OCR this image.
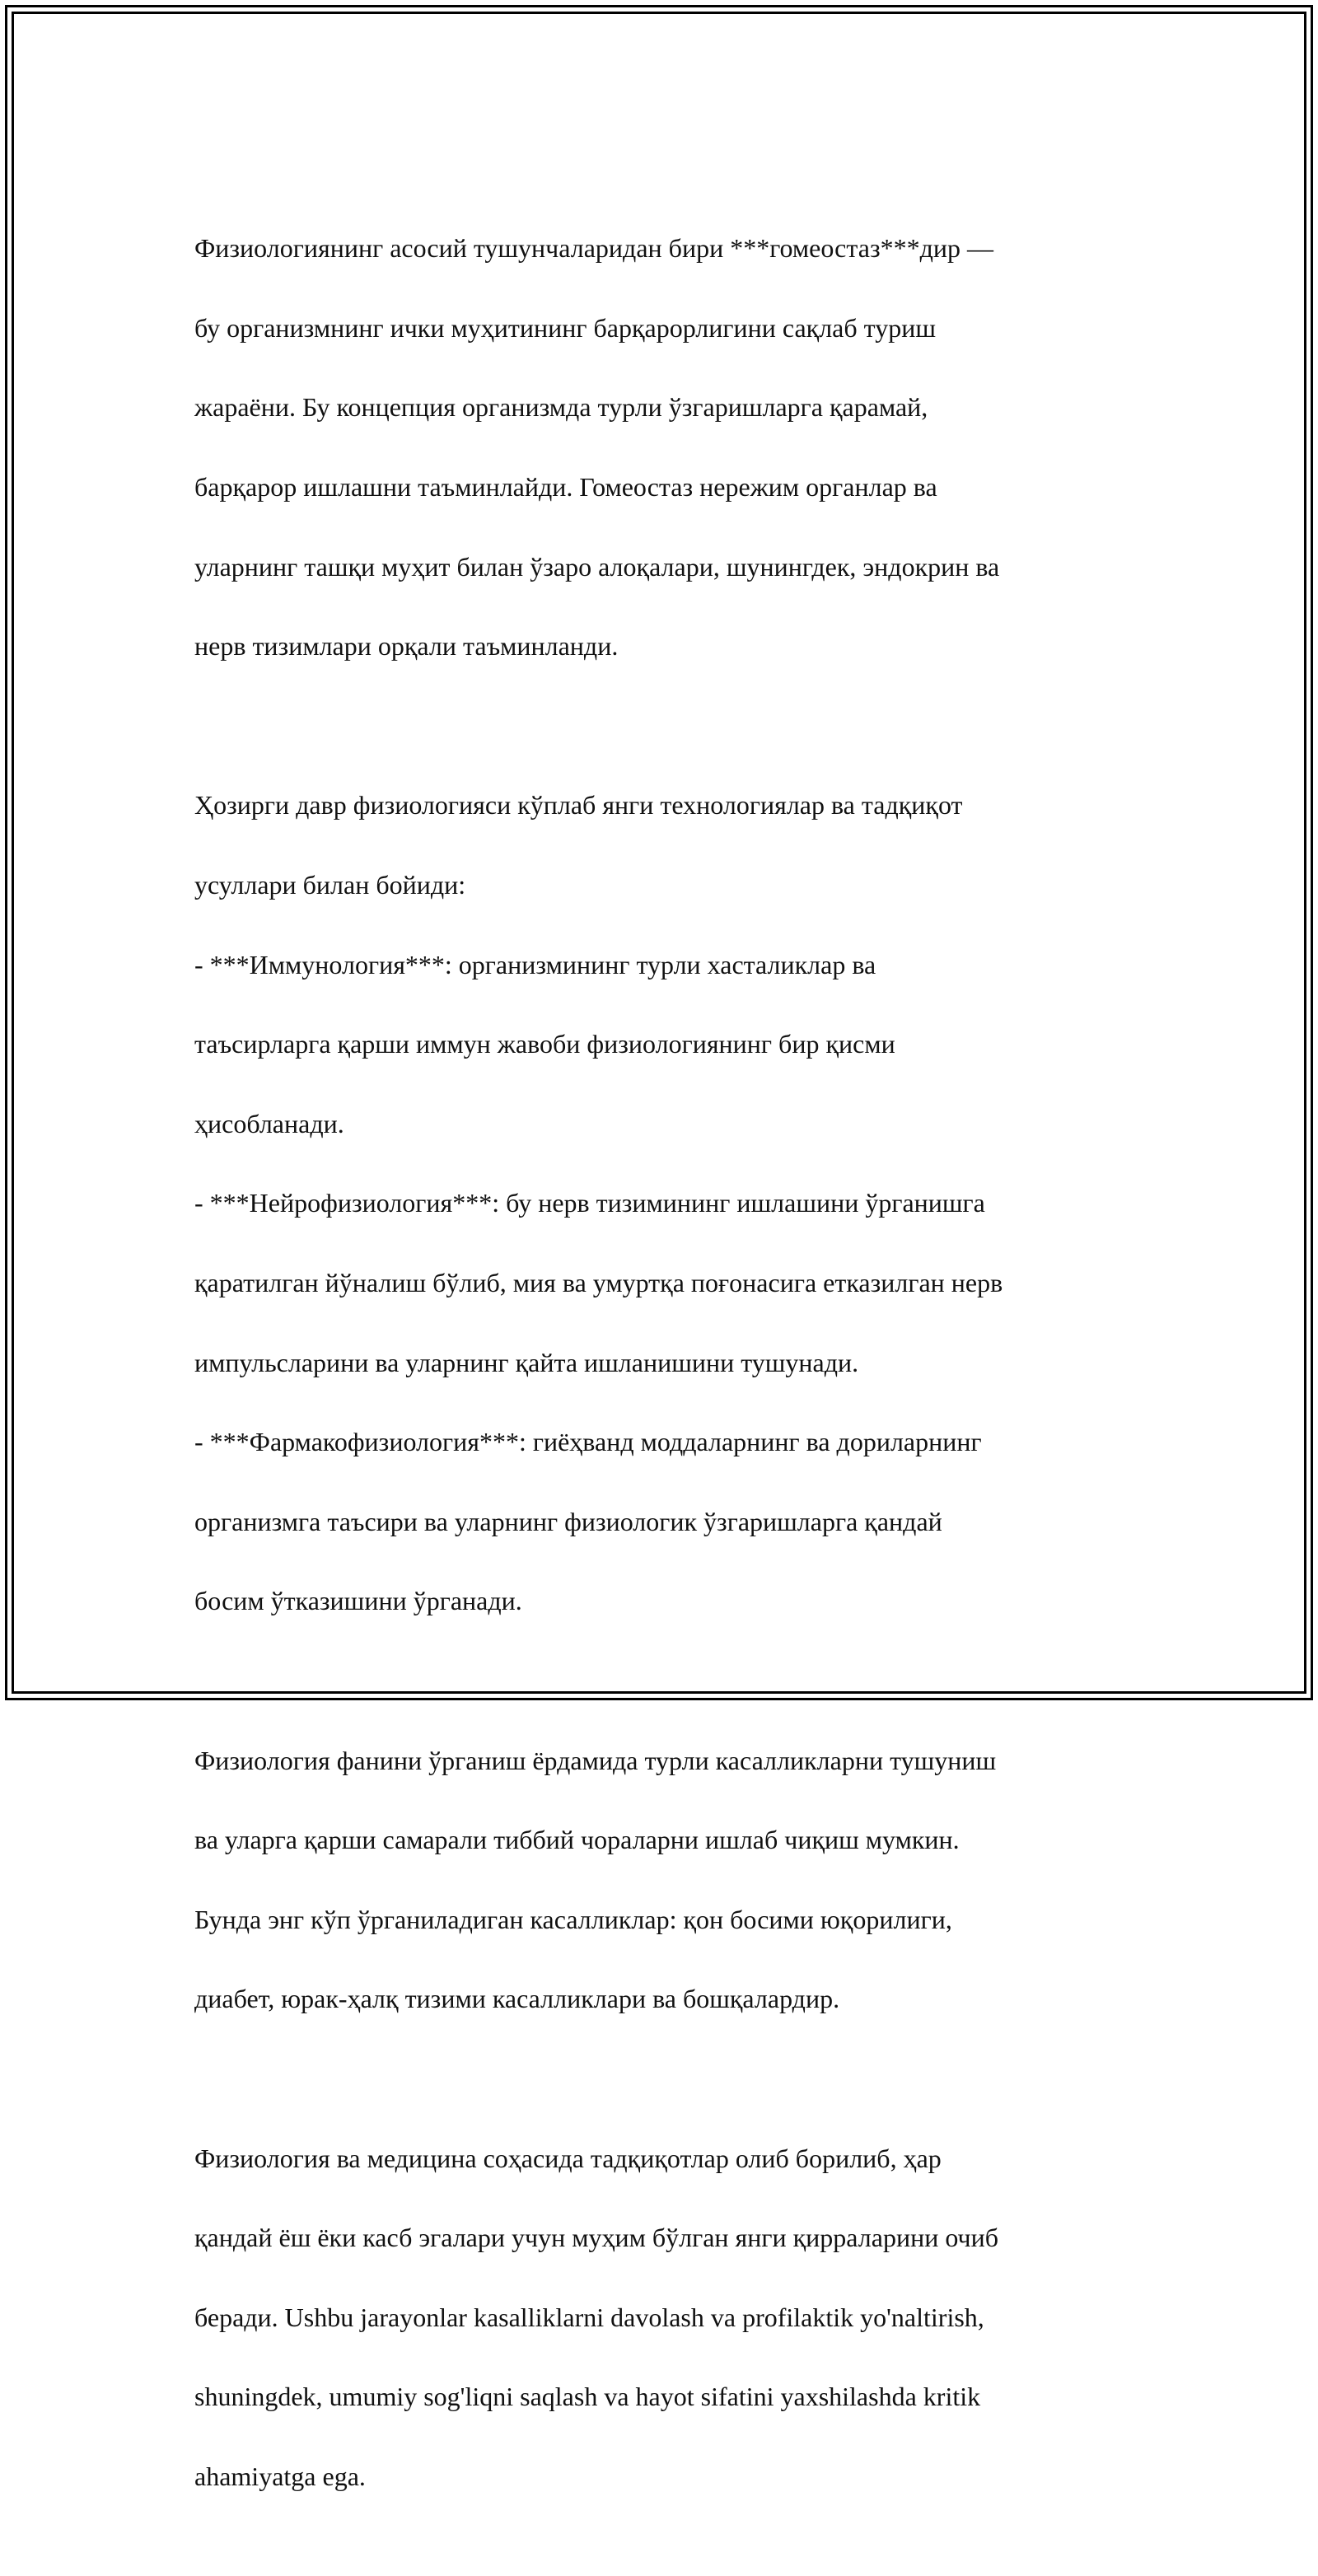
Физиологиянинг асосий тушунчаларидан бири ***гомеостаз***дир —

бу организмнинг ички муҳитининг барқарорлигини сақлаб туриш

жараёни. Бу концепция организмда турли ўзгаришларга қарамай,

барқарор ишлашни таъминлайди. Гомеостаз нережим органлар ва

уларнинг ташқи муҳит билан ўзаро алоқалари, шунингдек, эндокрин ва

нерв тизимлари орқали таъминланди.

Ҳозирги давр физиологияси кўплаб янги технологиялар ва тадқиқот

усуллари билан бойиди:

- ***Иммунология***: организмининг турли хасталиклар ва

таъсирларга қарши иммун жавоби физиологиянинг бир қисми

ҳисобланади.

- ***Нейрофизиология***: бу нерв тизимининг ишлашини ўрганишга

қаратилган йўналиш бўлиб, мия ва умуртқа поғонасига етказилган нерв

импульсларини ва уларнинг қайта ишланишини тушунади.

- ***Фармакофизиология***: гиёҳванд моддаларнинг ва дориларнинг

организмга таъсири ва уларнинг физиологик ўзгаришларга қандай

босим ўтказишини ўрганади.

Физиология фанини ўрганиш ёрдамида турли касалликларни тушуниш

ва уларга қарши самарали тиббий чораларни ишлаб чиқиш мумкин.

Бунда энг кўп ўрганиладиган касалликлар: қон босими юқорилиги,

диабет, юрак-ҳалқ тизими касалликлари ва бошқалардир.

Физиология ва медицина соҳасида тадқиқотлар олиб борилиб, ҳар

қандай ёш ёки касб эгалари учун муҳим бўлган янги қирраларини очиб

беради. Ushbu jarayonlar kasalliklarni davolash va profilaktik yo'naltirish,

shuningdek, umumiy sog'liqni saqlash va hayot sifatini yaxshilashda kritik

ahamiyatga ega.
